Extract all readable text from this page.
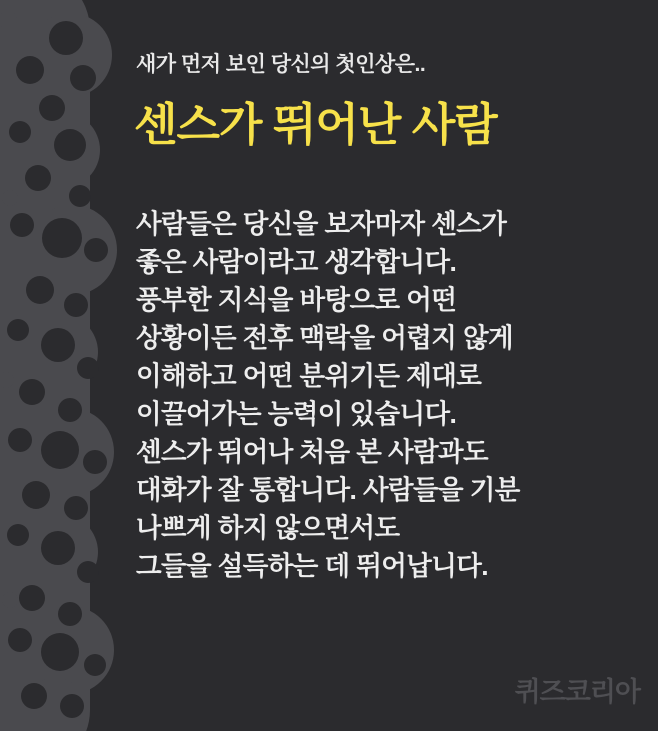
새가 먼저 보인 당신의 첫인상은..
센스가 뛰어난 사람
사람들은 당신을 보자마자 센스가
좋은 사람이라고 생각합니다.
풍부한 지식을 바탕으로 어떤
상황이든 전후 맥락을 어렵지 않게
이해하고 어떤 분위기든 제대로
이끌어가는 능력이 있습니다.
센스가 뛰어나 처음 본 사람과도
대화가 잘 통합니다. 사람들을 기분
나쁘게 하지 않으면서도
그들을 설득하는 데 뛰어납니다.
퀴즈코리아
